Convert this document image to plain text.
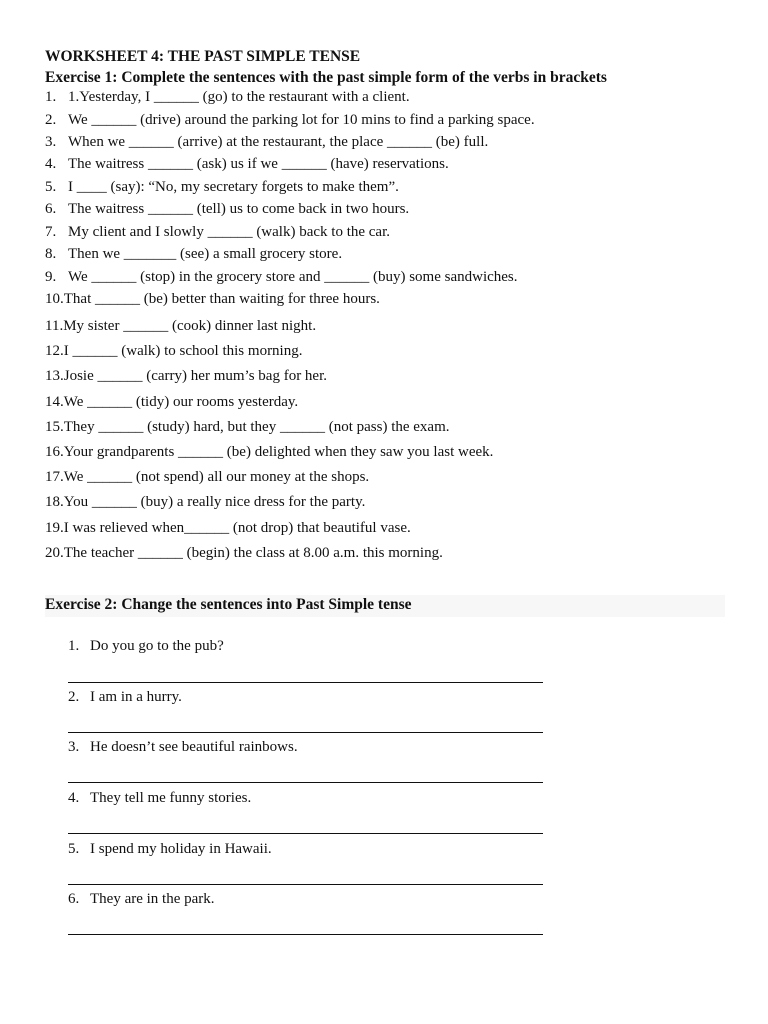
WORKSHEET 4: THE PAST SIMPLE TENSE
Exercise 1: Complete the sentences with the past simple form of the verbs in brackets
1. 1.Yesterday, I ______ (go) to the restaurant with a client.
2. We ______ (drive) around the parking lot for 10 mins to find a parking space.
3. When we ______ (arrive) at the restaurant, the place ______ (be) full.
4. The waitress ______ (ask) us if we ______ (have) reservations.
5. I ____ (say): “No, my secretary forgets to make them”.
6. The waitress ______ (tell) us to come back in two hours.
7. My client and I slowly ______ (walk) back to the car.
8. Then we _______ (see) a small grocery store.
9. We ______ (stop) in the grocery store and ______ (buy) some sandwiches.
10.That ______ (be) better than waiting for three hours.
11.My sister ______ (cook) dinner last night.
12.I ______ (walk) to school this morning.
13.Josie ______ (carry) her mum’s bag for her.
14.We ______ (tidy) our rooms yesterday.
15.They ______ (study) hard, but they ______ (not pass) the exam.
16.Your grandparents ______ (be) delighted when they saw you last week.
17.We ______ (not spend) all our money at the shops.
18.You ______ (buy) a really nice dress for the party.
19.I was relieved when______ (not drop) that beautiful vase.
20.The teacher ______ (begin) the class at 8.00 a.m. this morning.
Exercise 2: Change the sentences into Past Simple tense
1. Do you go to the pub?
2. I am in a hurry.
3. He doesn’t see beautiful rainbows.
4. They tell me funny stories.
5. I spend my holiday in Hawaii.
6. They are in the park.
